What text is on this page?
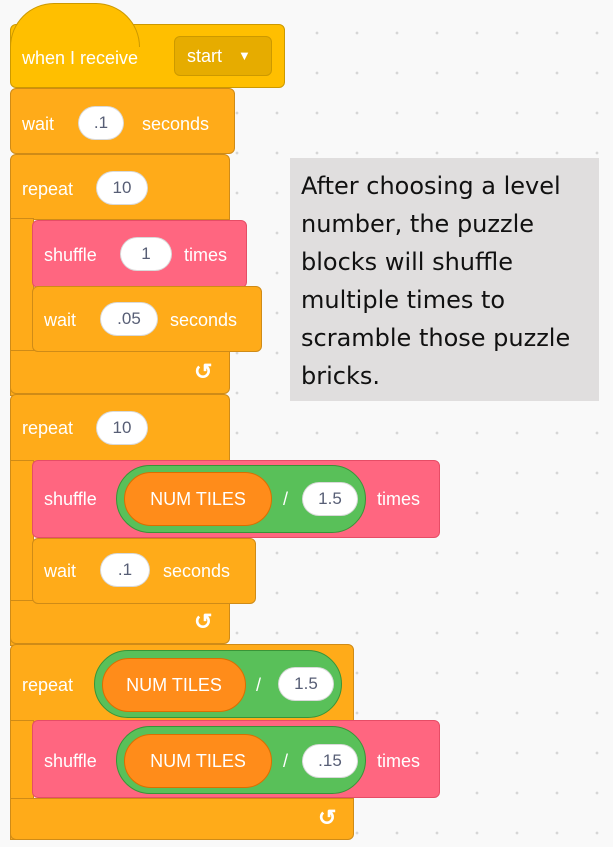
when I receive	start ▼
wait	.1	seconds
repeat	10
↺
shuffle	1	times
wait	.05	seconds
repeat	10
↺
shuffle	NUM TILES	/	1.5	times
wait	.1	seconds
repeat	NUM TILES	/	1.5
↺
shuffle	NUM TILES	/	.15	times
After choosing a level number, the puzzle blocks will shuffle multiple times to scramble those puzzle bricks.
